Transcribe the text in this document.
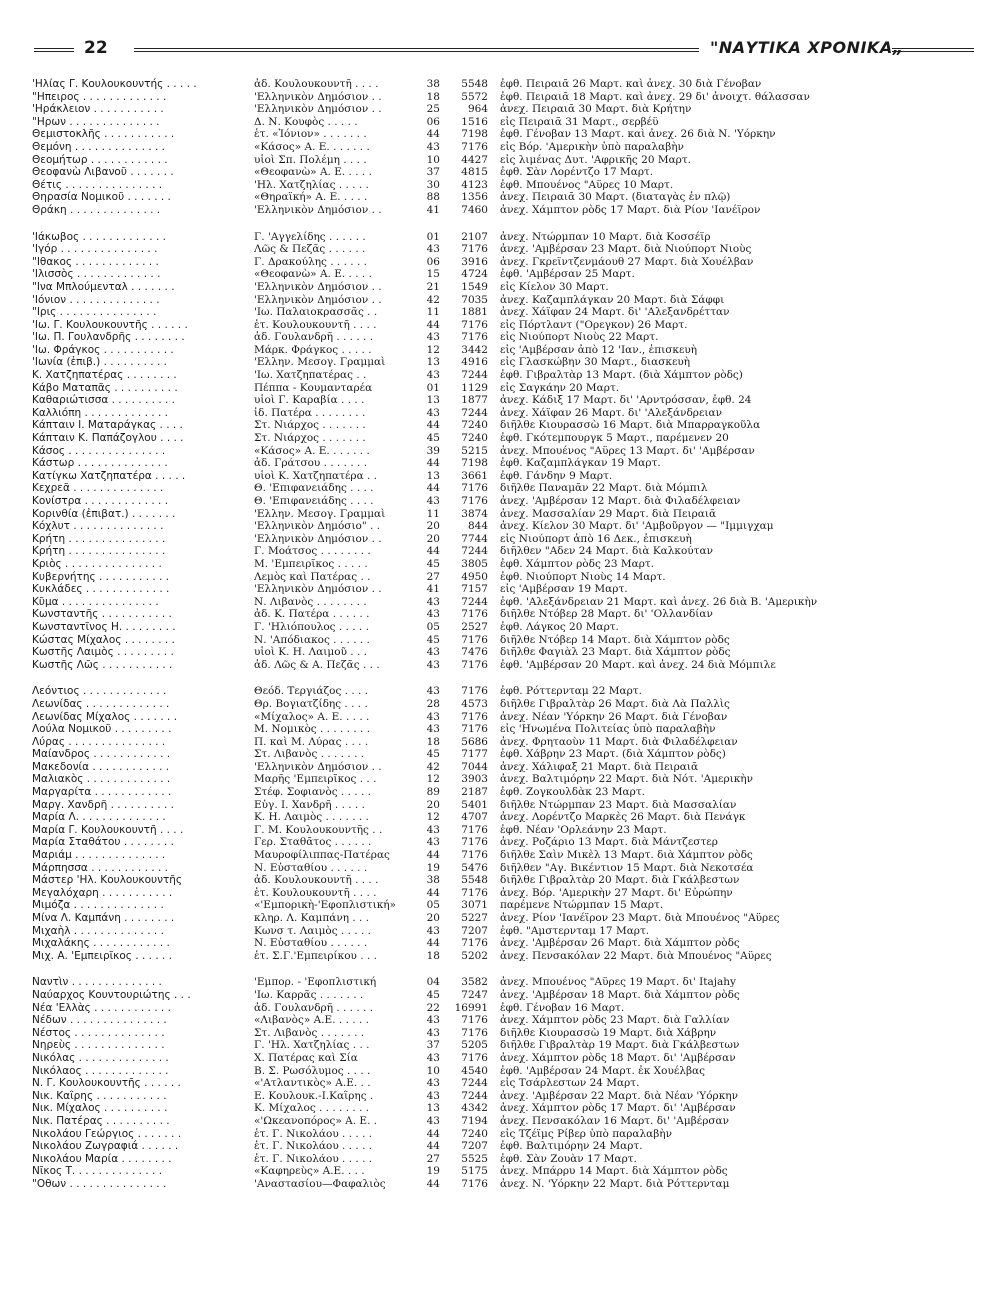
22	"ΝΑΥΤΙΚΑ ΧΡΟΝΙΚΑ„
'Ηλίας Γ. Κουλουκουντής . . . . .	ἀδ. Κουλουκουντῆ . . . .	38	5548 ἐφθ. Πειραιᾶ 26 Μαρτ. καὶ ἀνεχ. 30 διὰ Γένοβαν
"Ηπειρος . . . . . . . . . . . . .	'Ελληνικὸν Δημόσιον . .	18	5572 ἐφθ. Πειραιᾶ 18 Μαρτ. καὶ ἀνεχ. 29 δι' ἀνοιχτ. θάλασσαν
'Ηράκλειον . . . . . . . . . . .	'Ελληνικὸν Δημόσιον . .	25	964 ἀνεχ. Πειραιᾶ 30 Μαρτ. διὰ Κρήτην
"Ηρων . . . . . . . . . . . . . .	Δ. Ν. Κουφὸς . . . . .	06	1516 εἰς Πειραιᾶ 31 Μαρτ., σερβέϋ
Θεμιστοκλῆς . . . . . . . . . . .	ἑτ. «Ἰόνιον» . . . . . . .	44	7198 ἐφθ. Γένοβαν 13 Μαρτ. καὶ ἀνεχ. 26 διὰ Ν. 'Υόρκην
Θεμόνη . . . . . . . . . . . . . .	«Κάσος» Α. Ε. . . . . . .	43	7176 εἰς Βόρ. 'Αμερικὴν ὑπὸ παραλαβὴν
Θεομήτωρ . . . . . . . . . . . .	υἱοὶ Σπ. Πολέμη . . . .	10	4427 εἰς λιμένας Δυτ. 'Αφρικῆς 20 Μαρτ.
Θεοφανὼ Λιβανοῦ . . . . . . .	«Θεοφανὼ» Α. Ε. . . . .	37	4815 ἐφθ. Σὰν Λορέντζο 17 Μαρτ.
Θέτις . . . . . . . . . . . . . . .	'Ηλ. Χατζηλίας . . . . .	30	4123 ἐφθ. Μπουένος "Αϋρες 10 Μαρτ.
Θηρασία Νομικοῦ . . . . . . .	«Θηραϊκή» Α. Ε. . . . .	88	1356 ἀνεχ. Πειραιᾶ 30 Μαρτ. (διαταγὰς ἐν πλῷ)
Θράκη . . . . . . . . . . . . . .	'Ελληνικὸν Δημόσιον . .	41	7460 ἀνεχ. Χάμπτον ρὸδς 17 Μαρτ. διὰ Ρίον 'Ιανέϊρον
'Ιάκωβος . . . . . . . . . . . . .	Γ. 'Αγγελίδης . . . . . .	01	2107 ἀνεχ. Ντώρμπαν 10 Μαρτ. διὰ Κοσσέϊρ
'Ιγόρ . . . . . . . . . . . . . . .	Λῶς & Πεζᾶς . . . . . .	43	7176 ἀνεχ. 'Αμβέρσαν 23 Μαρτ. διὰ Νιούπορτ Νιοὺς
"Ιθακος . . . . . . . . . . . . .	Γ. Δρακούλης . . . . . .	06	3916 ἀνεχ. Γκρεϊντζενμάουθ 27 Μαρτ. διὰ Χουέλβαν
'Ιλισσὸς . . . . . . . . . . . . .	«Θεοφανὼ» Α. Ε. . . . .	15	4724 ἐφθ. 'Αμβέρσαν 25 Μαρτ.
"Ινα Μπλούμενταλ . . . . . . .	'Ελληνικὸν Δημόσιον . .	21	1549 εἰς Κίελον 30 Μαρτ.
'Ιόνιον . . . . . . . . . . . . . .	'Ελληνικὸν Δημόσιον . .	42	7035 ἀνεχ. Καζαμπλάγκαν 20 Μαρτ. διὰ Σάφφι
"Ιρις . . . . . . . . . . . . . . .	'Ιω. Παλαιοκρασσᾶς . .	11	1881 ἀνεχ. Χάϊφαν 24 Μαρτ. δι' 'Αλεξανδρέτταν
'Ιω. Γ. Κουλουκουντῆς . . . . . .	ἑτ. Κουλουκουντῆ . . . .	44	7176 εἰς Πόρτλαντ ("Ορεγκον) 26 Μαρτ.
'Ιω. Π. Γουλανδρῆς . . . . . . . .	ἀδ. Γουλανδρῆ . . . . . .	43	7176 εἰς Νιούπορτ Νιοὺς 22 Μαρτ.
'Ιω. Φράγκος . . . . . . . . . . .	Μάρκ. Φράγκος . . . . .	12	3442 εἰς 'Αμβέρσαν ἀπὸ 12 'Ιαν., ἐπισκευὴ
'Ιωνία (ἐπιβ.) . . . . . . . . . .	'Ελλην. Μεσογ. Γραμμαὶ	13	4916 εἰς Γλασκώβην 30 Μαρτ., διασκευὴ
Κ. Χατζηπατέρας . . . . . . . .	'Ιω. Χατζηπατέρας . .	43	7244 ἐφθ. Γιβραλτὰρ 13 Μαρτ. (διὰ Χάμπτον ρὸδς)
Κάβο Ματαπᾶς . . . . . . . . . .	Πέππα - Κουμανταρέα	01	1129 εἰς Σαγκάην 20 Μαρτ.
Καθαριώτισσα . . . . . . . . . .	υἱοὶ Γ. Καραβία . . . .	13	1877 ἀνεχ. Κάδιξ 17 Μαρτ. δι' 'Αρντρόσσαν, ἐφθ. 24
Καλλιόπη . . . . . . . . . . . . .	ἰδ. Πατέρα . . . . . . . .	43	7244 ἀνεχ. Χάϊφαν 26 Μαρτ. δι' 'Αλεξάνδρειαν
Κάπταιν Ι. Ματαράγκας . . . .	Στ. Νιάρχος . . . . . . .	44	7240 διῆλθε Κιουρασσὼ 16 Μαρτ. διὰ Μπαρραγκοῦλα
Κάπταιν Κ. Παπάζογλου . . . .	Στ. Νιάρχος . . . . . . .	45	7240 ἐφθ. Γκότεμπουργκ 5 Μαρτ., παρέμενεν 20
Κάσος . . . . . . . . . . . . . . .	«Κάσος» Α. Ε. . . . . . .	39	5215 ἀνεχ. Μπουένος "Αϋρες 13 Μαρτ. δι' 'Αμβέρσαν
Κάστωρ . . . . . . . . . . . . . .	ἀδ. Γράτσου . . . . . . .	44	7198 ἐφθ. Καζαμπλάγκαν 19 Μαρτ.
Κατίγκω Χατζηπατέρα . . . . .	υἱοὶ Κ. Χατζηπατέρα . .	13	3661 ἐφθ. Γάνδην 9 Μαρτ.
Κεχρεᾶ . . . . . . . . . . . . . .	Θ. 'Επιφανειάδης . . . .	44	7176 διῆλθε Παναμᾶν 22 Μαρτ. διὰ Μόμπιλ
Κονίστρα . . . . . . . . . . . . .	Θ. 'Επιφανειάδης . . . .	43	7176 ἀνεχ. 'Αμβέρσαν 12 Μαρτ. διὰ Φιλαδέλφειαν
Κορινθία (ἐπιβατ.) . . . . . . .	'Ελλην. Μεσογ. Γραμμαὶ	11	3874 ἀνεχ. Μασσαλίαν 29 Μαρτ. διὰ Πειραιᾶ
Κόχλυτ . . . . . . . . . . . . . .	'Ελληνικὸν Δημόσιο" . .	20	844 ἀνεχ. Κίελον 30 Μαρτ. δι' 'Αμβοῦργον — "Ιμμιγχαμ
Κρήτη . . . . . . . . . . . . . . .	'Ελληνικὸν Δημόσιον . .	20	7744 εἰς Νιούπορτ ἀπὸ 16 Δεκ., ἐπισκευὴ
Κρήτη . . . . . . . . . . . . . . .	Γ. Μοάτσος . . . . . . . .	44	7244 διῆλθεν "Αδεν 24 Μαρτ. διὰ Καλκούταν
Κριὸς . . . . . . . . . . . . . . .	Μ. 'Εμπειρῖκος . . . . .	45	3805 ἐφθ. Χάμπτον ρὸδς 23 Μαρτ.
Κυβερνήτης . . . . . . . . . . .	Λεμὸς καὶ Πατέρας . .	27	4950 ἐφθ. Νιούπορτ Νιοὺς 14 Μαρτ.
Κυκλάδες . . . . . . . . . . . . .	'Ελληνικὸν Δημόσιον . .	41	7157 εἰς 'Αμβέρσαν 19 Μαρτ.
Κῦμα . . . . . . . . . . . . . . .	Ν. Λιβανὸς . . . . . . . .	43	7244 ἐφθ. 'Αλεξάνδρειαν 21 Μαρτ. καὶ ἀνεχ. 26 διὰ Β. 'Αμερικὴν
Κωνσταντῆς . . . . . . . . . . .	ἀδ. Κ. Πατέρα . . . . . .	43	7176 διῆλθε Ντόβερ 28 Μαρτ. δι' 'Ολλανδίαν
Κωνσταντῖνος Η. . . . . . . . .	Γ. 'Ηλιόπουλος . . . . .	05	2527 ἐφθ. Λάγκος 20 Μαρτ.
Κώστας Μίχαλος . . . . . . . .	Ν. 'Απόδιακος . . . . . .	45	7176 διῆλθε Ντόβερ 14 Μαρτ. διὰ Χάμπτον ρὸδς
Κωστῆς Λαιμὸς . . . . . . . . .	υἱοὶ Κ. Η. Λαιμοῦ . . .	43	7476 διῆλθε Φαγιὰλ 23 Μαρτ. διὰ Χάμπτον ρὸδς
Κωστῆς Λῶς . . . . . . . . . . .	ἀδ. Λῶς & Α. Πεζᾶς . . .	43	7176 ἐφθ. 'Αμβέρσαν 20 Μαρτ. καὶ ἀνεχ. 24 διὰ Μόμπιλε
Λεόντιος . . . . . . . . . . . . .	Θεόδ. Τεργιάζος . . . .	43	7176 ἐφθ. Ρόττερνταμ 22 Μαρτ.
Λεωνίδας . . . . . . . . . . . . .	Θρ. Βογιατζίδης . . . .	28	4573 διῆλθε Γιβραλτὰρ 26 Μαρτ. διὰ Λὰ Παλλὶς
Λεωνίδας Μίχαλος . . . . . . .	«Μίχαλος» Α. Ε. . . . .	43	7176 ἀνεχ. Νέαν 'Υόρκην 26 Μαρτ. διὰ Γένοβαν
Λούλα Νομικοῦ . . . . . . . . .	Μ. Νομικὸς . . . . . . . .	43	7176 εἰς 'Ηνωμένα Πολιτείας ὑπὸ παραλαβὴν
Λύρας . . . . . . . . . . . . . . .	Π. καὶ Μ. Λύρας . . . .	18	5686 ἀνεχ. Φρηταοὺν 11 Μαρτ. διὰ Φιλαδέλφειαν
Μαίανδρος . . . . . . . . . . . .	Στ. Λιβανὸς . . . . . . .	45	7177 ἐφθ. Χάβρην 23 Μαρτ. (διὰ Χάμπτον ρὸδς)
Μακεδονία . . . . . . . . . . . .	'Ελληνικὸν Δημόσιον . .	42	7044 ἀνεχ. Χάλιφαξ 21 Μαρτ. διὰ Πειραιᾶ
Μαλιακὸς . . . . . . . . . . . . .	Μαρῆς 'Εμπειρῖκος . . .	12	3903 ἀνεχ. Βαλτιμόρην 22 Μαρτ. διὰ Νότ. 'Αμερικὴν
Μαργαρίτα . . . . . . . . . . . .	Στέφ. Σοφιανὸς . . . . .	89	2187 ἐφθ. Ζογκουλδὰκ 23 Μαρτ.
Μαργ. Χανδρῆ . . . . . . . . . .	Εὐγ. Ι. Χανδρῆ . . . . .	20	5401 διῆλθε Ντώρμπαν 23 Μαρτ. διὰ Μασσαλίαν
Μαρία Λ. . . . . . . . . . . . . .	Κ. Η. Λαιμὸς . . . . . . .	12	4707 ἀνεχ. Λορέντζο Μαρκὲς 26 Μαρτ. διὰ Πενάγκ
Μαρία Γ. Κουλουκουντῆ . . . .	Γ. Μ. Κουλουκουντῆς . .	43	7176 ἐφθ. Νέαν 'Ορλεάνην 23 Μαρτ.
Μαρία Σταθάτου . . . . . . . .	Γερ. Σταθᾶτος . . . . . .	43	7176 ἀνεχ. Ροζάριο 13 Μαρτ. διὰ Μάντζεστερ
Μαριάμ . . . . . . . . . . . . . .	Μαυροφίλιππας-Πατέρας	44	7176 διῆλθε Σαὶν Μικὲλ 13 Μαρτ. διὰ Χάμπτον ρὸδς
Μάρπησσα . . . . . . . . . . . .	Ν. Εὐσταθίου . . . . . .	19	5476 διῆλθεν "Αγ. Βικέντιον 15 Μαρτ. διὰ Νεκοτσέα
Μάστερ 'Ηλ. Κουλουκουντῆς	ἀδ. Κουλουκουντῆ . . . .	38	5548 διῆλθε Γιβραλτὰρ 20 Μαρτ. διὰ Γκάλβεστων
Μεγαλόχαρη . . . . . . . . . . .	ἑτ. Κουλουκουντῆ . . . .	44	7176 ἀνεχ. Βόρ. 'Αμερικὴν 27 Μαρτ. δι' Εὐρώπην
Μιμόζα . . . . . . . . . . . . . .	«'Εμπορικὴ-'Εφοπλιστική»	05	3071 παρέμενε Ντώρμπαν 15 Μαρτ.
Μίνα Λ. Καμπάνη . . . . . . . .	κληρ. Λ. Καμπάνη . . .	20	5227 ἀνεχ. Ρίον 'Ιανέϊρον 23 Μαρτ. διὰ Μπουένος "Αϋρες
Μιχαὴλ . . . . . . . . . . . . . .	Κωνσ τ. Λαιμὸς . . . . .	43	7207 ἐφθ. "Αμστερνταμ 17 Μαρτ.
Μιχαλάκης . . . . . . . . . . . .	Ν. Εὐσταθίου . . . . . .	44	7176 ἀνεχ. 'Αμβέρσαν 26 Μαρτ. διὰ Χάμπτον ρὸδς
Μιχ. Α. 'Εμπειρῖκος . . . . . .	ἑτ. Σ.Γ.'Εμπειρίκου . . .	18	5202 ἀνεχ. Πενσακόλαν 22 Μαρτ. διὰ Μπουένος "Αϋρες
Ναντὶν . . . . . . . . . . . . . .	'Εμπορ. - 'Εφοπλιστική	04	3582 ἀνεχ. Μπουένος "Αϋρες 19 Μαρτ. δι' Itajahy
Ναύαρχος Κουντουριώτης . . .	'Ιω. Καρρᾶς . . . . . . .	45	7247 ἀνεχ. 'Αμβέρσαν 18 Μαρτ. διὰ Χάμπτον ρὸδς
Νέα 'Ελλὰς . . . . . . . . . . . .	ἀδ. Γουλανδρῆ . . . . . .	22	16991 ἐφθ. Γένοβαν 16 Μαρτ.
Νέδων . . . . . . . . . . . . . . .	«Λιβανὸς» Α.Ε. . . . . .	43	7176 ἀνεχ. Χάμπτον ρὸδς 23 Μαρτ. διὰ Γαλλίαν
Νέστος . . . . . . . . . . . . . .	Στ. Λιβανὸς . . . . . . .	43	7176 διῆλθε Κιουρασσὼ 19 Μαρτ. διὰ Χάβρην
Νηρεὺς . . . . . . . . . . . . . .	Γ. 'Ηλ. Χατζηλίας . . .	37	5205 διῆλθε Γιβραλτὰρ 19 Μαρτ. διὰ Γκάλβεστων
Νικόλας . . . . . . . . . . . . . .	Χ. Πατέρας καὶ Σία	43	7176 ἀνεχ. Χάμπτον ρὸδς 18 Μαρτ. δι' 'Αμβέρσαν
Νικόλαος . . . . . . . . . . . . .	Β. Σ. Ρωσόλυμος . . . .	10	4540 ἐφθ. 'Αμβέρσαν 24 Μαρτ. ἐκ Χουέλβας
Ν. Γ. Κουλουκουντῆς . . . . . .	«'Ατλαντικὸς» Α.Ε. . .	43	7244 εἰς Τσάρλεστων 24 Μαρτ.
Νικ. Καΐρης . . . . . . . . . . .	Ε. Κουλουκ.-Ι.Καΐρης .	43	7244 ἀνεχ. 'Αμβέρσαν 22 Μαρτ. διὰ Νέαν 'Υόρκην
Νικ. Μίχαλος . . . . . . . . . .	Κ. Μίχαλος . . . . . . . .	13	4342 ἀνεχ. Χάμπτον ρὸδς 17 Μαρτ. δι' 'Αμβέρσαν
Νικ. Πατέρας . . . . . . . . . .	«'Ωκεανοπόρος» Α. Ε. .	43	7194 ἀνεχ. Πενσακόλαν 16 Μαρτ. δι' 'Αμβέρσαν
Νικολάου Γεώργιος . . . . . . .	ἑτ. Γ. Νικολάου . . . . .	44	7240 εἰς Τζέϊμς Ρίβερ ὑπὸ παραλαβὴν
Νικολάου Ζωγραφιά . . . . . .	ἑτ. Γ. Νικολάου . . . . .	44	7207 ἐφθ. Βαλτιμόρην 24 Μαρτ.
Νικολάου Μαρία . . . . . . . .	ἑτ. Γ. Νικολάου . . . . .	27	5525 ἐφθ. Σὰν Ζουὰν 17 Μαρτ.
Νῖκος Τ. . . . . . . . . . . . . .	«Καφηρεὺς» Α.Ε. . . .	19	5175 ἀνεχ. Μπάρρυ 14 Μαρτ. διὰ Χάμπτον ρὸδς
"Οθων . . . . . . . . . . . . . . .	'Αναστασίου—Φαφαλιὸς	44	7176 ἀνεχ. Ν. 'Υόρκην 22 Μαρτ. διὰ Ρόττερνταμ
